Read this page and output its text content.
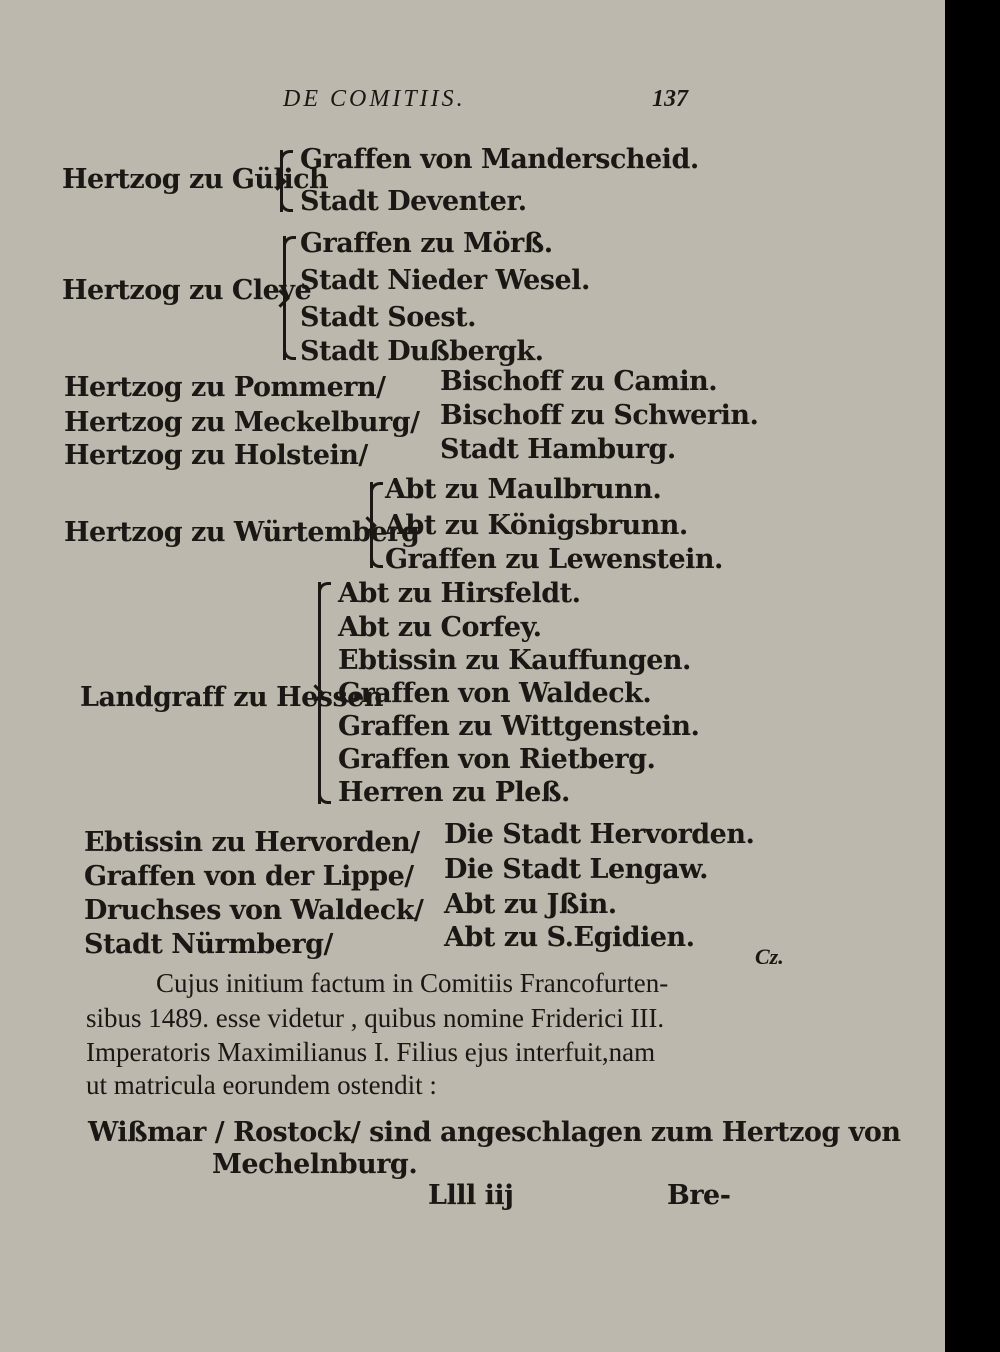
DE COMITIIS.	137
Hertzog zu Gülich
Graffen von Manderscheid.
Stadt Deventer.
Hertzog zu Cleve
Graffen zu Mörß.
Stadt Nieder Wesel.
Stadt Soest.
Stadt Dußbergk.
Hertzog zu Pommern/
Hertzog zu Meckelburg/
Hertzog zu Holstein/
Bischoff zu Camin.
Bischoff zu Schwerin.
Stadt Hamburg.
Hertzog zu Würtemberg
Abt zu Maulbrunn.
Abt zu Königsbrunn.
Graffen zu Lewenstein.
Landgraff zu Hessen
Abt zu Hirsfeldt.
Abt zu Corfey.
Ebtissin zu Kauffungen.
Graffen von Waldeck.
Graffen zu Wittgenstein.
Graffen von Rietberg.
Herren zu Pleß.
Ebtissin zu Hervorden/
Graffen von der Lippe/
Druchses von Waldeck/
Stadt Nürmberg/
Die Stadt Hervorden.
Die Stadt Lengaw.
Abt zu Jßin.
Abt zu S.Egidien.
Cz.
Cujus initium factum in Comitiis Francofurten-
sibus 1489. esse videtur , quibus nomine Friderici III.
Imperatoris Maximilianus I. Filius ejus interfuit,nam
ut matricula eorundem ostendit :
Wißmar / Rostock/ sind angeschlagen zum Hertzog von
Mechelnburg.
Llll iij	Bre-
